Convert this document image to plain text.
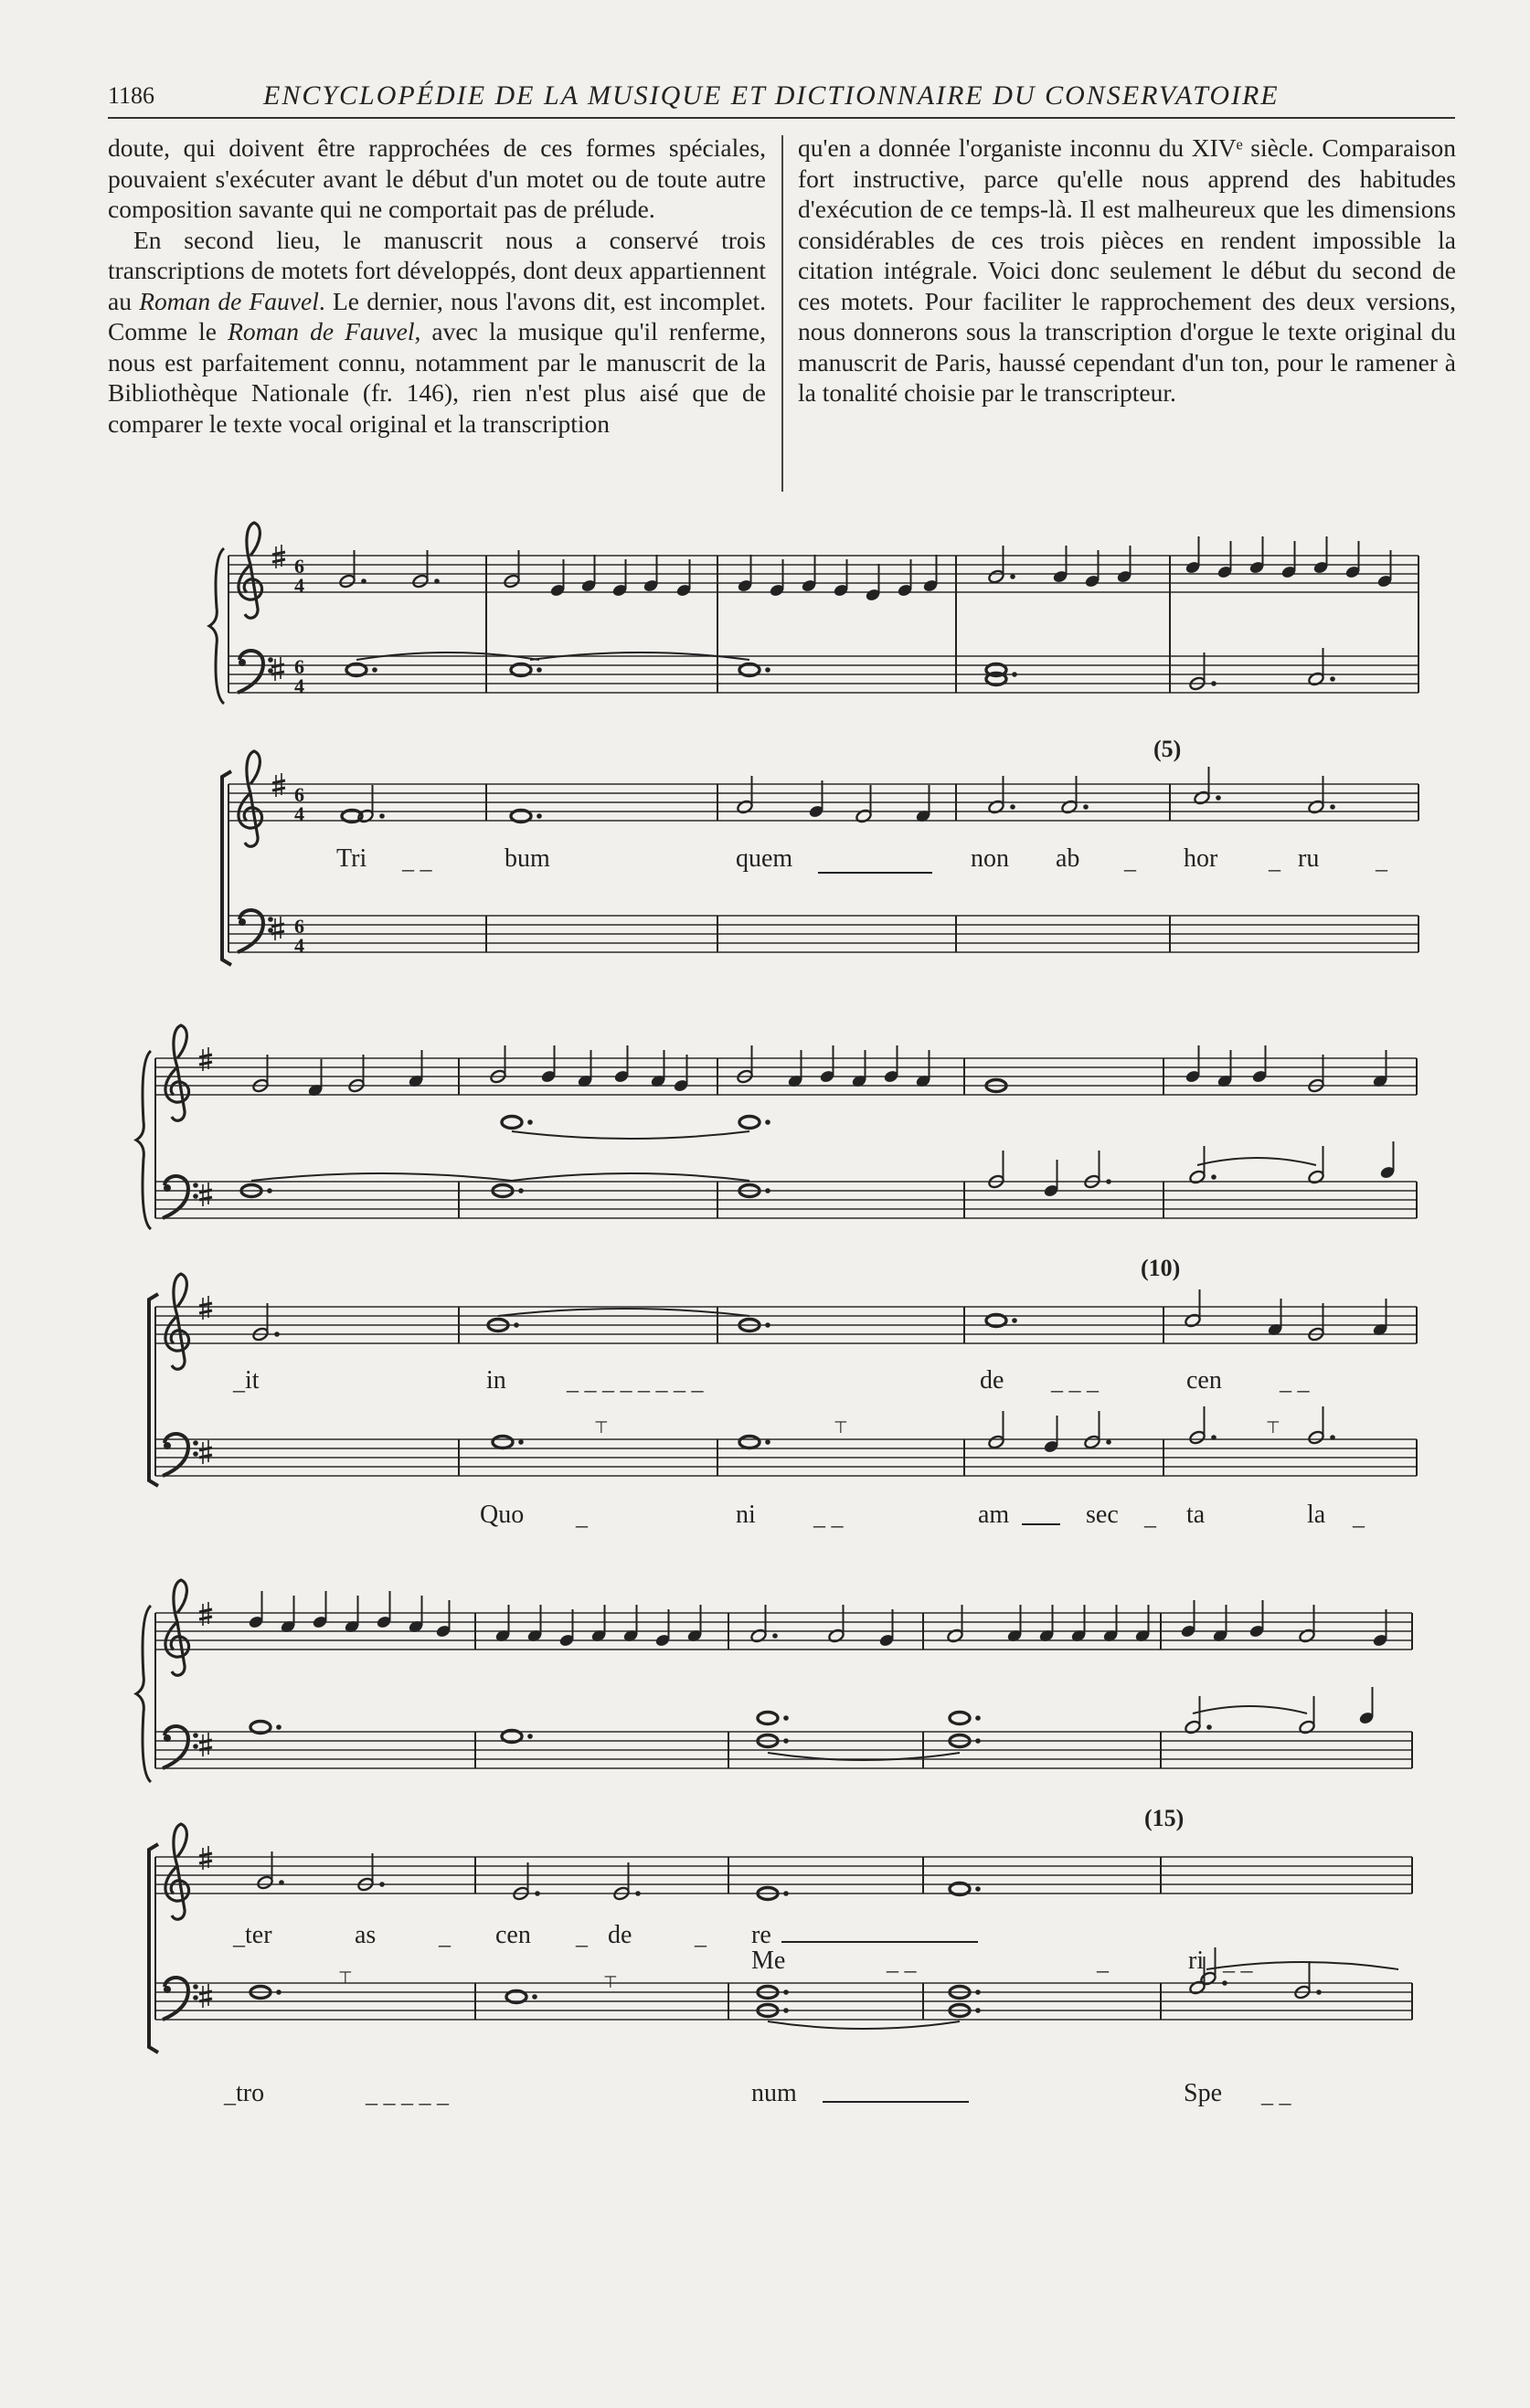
1186	ENCYCLOPÉDIE DE LA MUSIQUE ET DICTIONNAIRE DU CONSERVATOIRE

doute, qui doivent être rapprochées de ces formes spéciales, pouvaient s'exécuter avant le début d'un motet ou de toute autre composition savante qui ne comportait pas de prélude.

En second lieu, le manuscrit nous a conservé trois transcriptions de motets fort développés, dont deux appartiennent au Roman de Fauvel. Le dernier, nous l'avons dit, est incomplet. Comme le Roman de Fauvel, avec la musique qu'il renferme, nous est parfaitement connu, notamment par le manuscrit de la Bibliothèque Nationale (fr. 146), rien n'est plus aisé que de comparer le texte vocal original et la transcription

qu'en a donnée l'organiste inconnu du XIVᵉ siècle. Comparaison fort instructive, parce qu'elle nous apprend des habitudes d'exécution de ce temps-là. Il est malheureux que les dimensions considérables de ces trois pièces en rendent impossible la citation intégrale. Voici donc seulement le début du second de ces motets. Pour faciliter le rapprochement des deux versions, nous donnerons sous la transcription d'orgue le texte original du manuscrit de Paris, haussé cependant d'un ton, pour le ramener à la tonalité choisie par le transcripteur.

6
4
6
4
6
4
6
4
_ _	_	_	_
_	_ _ _ _ _ _ _ _	_ _ _	_ _
⊤	⊤	⊤
_	_ _	_	_
_	_	_	_
_ _	_	_ _
⊤	⊤
_	_ _ _ _ _	_ _
(5)
Tri	bum	quem	non ab	hor	ru
(10)
it	in	de	cen
Quo	ni	am	sec	ta	la
(15)
ter	as	cen	de	re
Me	ri
tro	num	Spe
